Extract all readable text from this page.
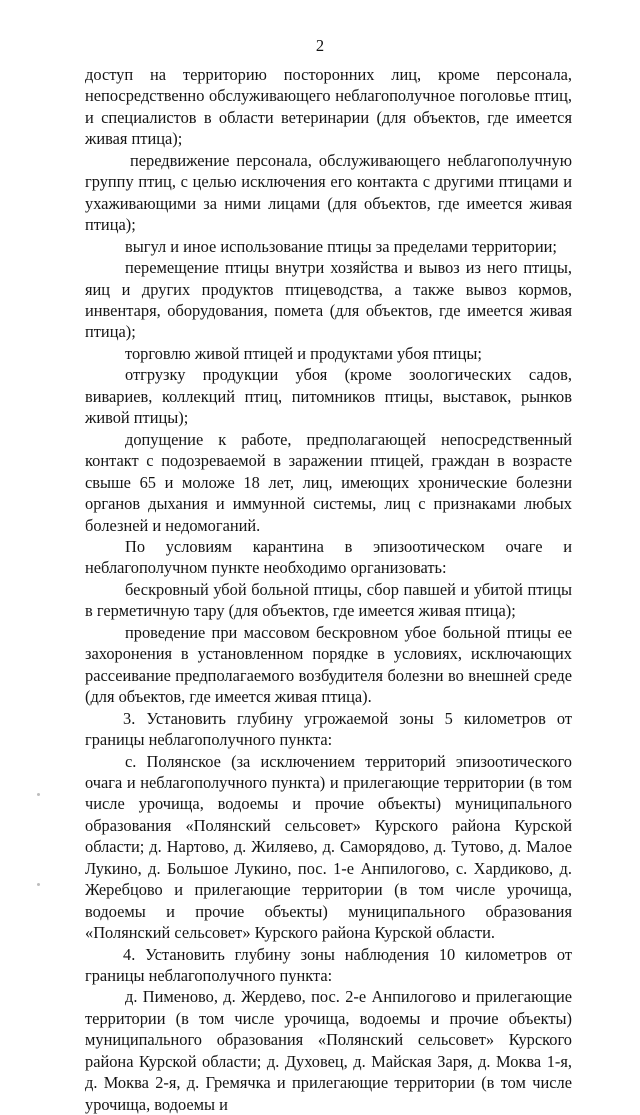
2

доступ на территорию посторонних лиц, кроме персонала, непосредственно обслуживающего неблагополучное поголовье птиц, и специалистов в области ветеринарии (для объектов, где имеется живая птица);

передвижение персонала, обслуживающего неблагополучную группу птиц, с целью исключения его контакта с другими птицами и ухаживающими за ними лицами (для объектов, где имеется живая птица);

выгул и иное использование птицы за пределами территории;

перемещение птицы внутри хозяйства и вывоз из него птицы, яиц и других продуктов птицеводства, а также вывоз кормов, инвентаря, оборудования, помета (для объектов, где имеется живая птица);

торговлю живой птицей и продуктами убоя птицы;

отгрузку продукции убоя (кроме зоологических садов, вивариев, коллекций птиц, питомников птицы, выставок, рынков живой птицы);

допущение к работе, предполагающей непосредственный контакт с подозреваемой в заражении птицей, граждан в возрасте свыше 65 и моложе 18 лет, лиц, имеющих хронические болезни органов дыхания и иммунной системы, лиц с признаками любых болезней и недомоганий.

По условиям карантина в эпизоотическом очаге и неблагополучном пункте необходимо организовать:

бескровный убой больной птицы, сбор павшей и убитой птицы в герметичную тару (для объектов, где имеется живая птица);

проведение при массовом бескровном убое больной птицы ее захоронения в установленном порядке в условиях, исключающих рассеивание предполагаемого возбудителя болезни во внешней среде (для объектов, где имеется живая птица).

3. Установить глубину угрожаемой зоны 5 километров от границы неблагополучного пункта:

с. Полянское (за исключением территорий эпизоотического очага и неблагополучного пункта) и прилегающие территории (в том числе урочища, водоемы и прочие объекты) муниципального образования «Полянский сельсовет» Курского района Курской области; д. Нартово, д. Жиляево, д. Саморядово, д. Тутово, д. Малое Лукино, д. Большое Лукино, пос. 1-е Анпилогово, с. Хардиково, д. Жеребцово и прилегающие территории (в том числе урочища, водоемы и прочие объекты) муниципального образования «Полянский сельсовет» Курского района Курской области.

4. Установить глубину зоны наблюдения 10 километров от границы неблагополучного пункта:

д. Пименово, д. Жердево, пос. 2-е Анпилогово и прилегающие территории (в том числе урочища, водоемы и прочие объекты) муниципального образования «Полянский сельсовет» Курского района Курской области; д. Духовец, д. Майская Заря, д. Моква 1-я, д. Моква 2-я, д. Гремячка и прилегающие территории (в том числе урочища, водоемы и
